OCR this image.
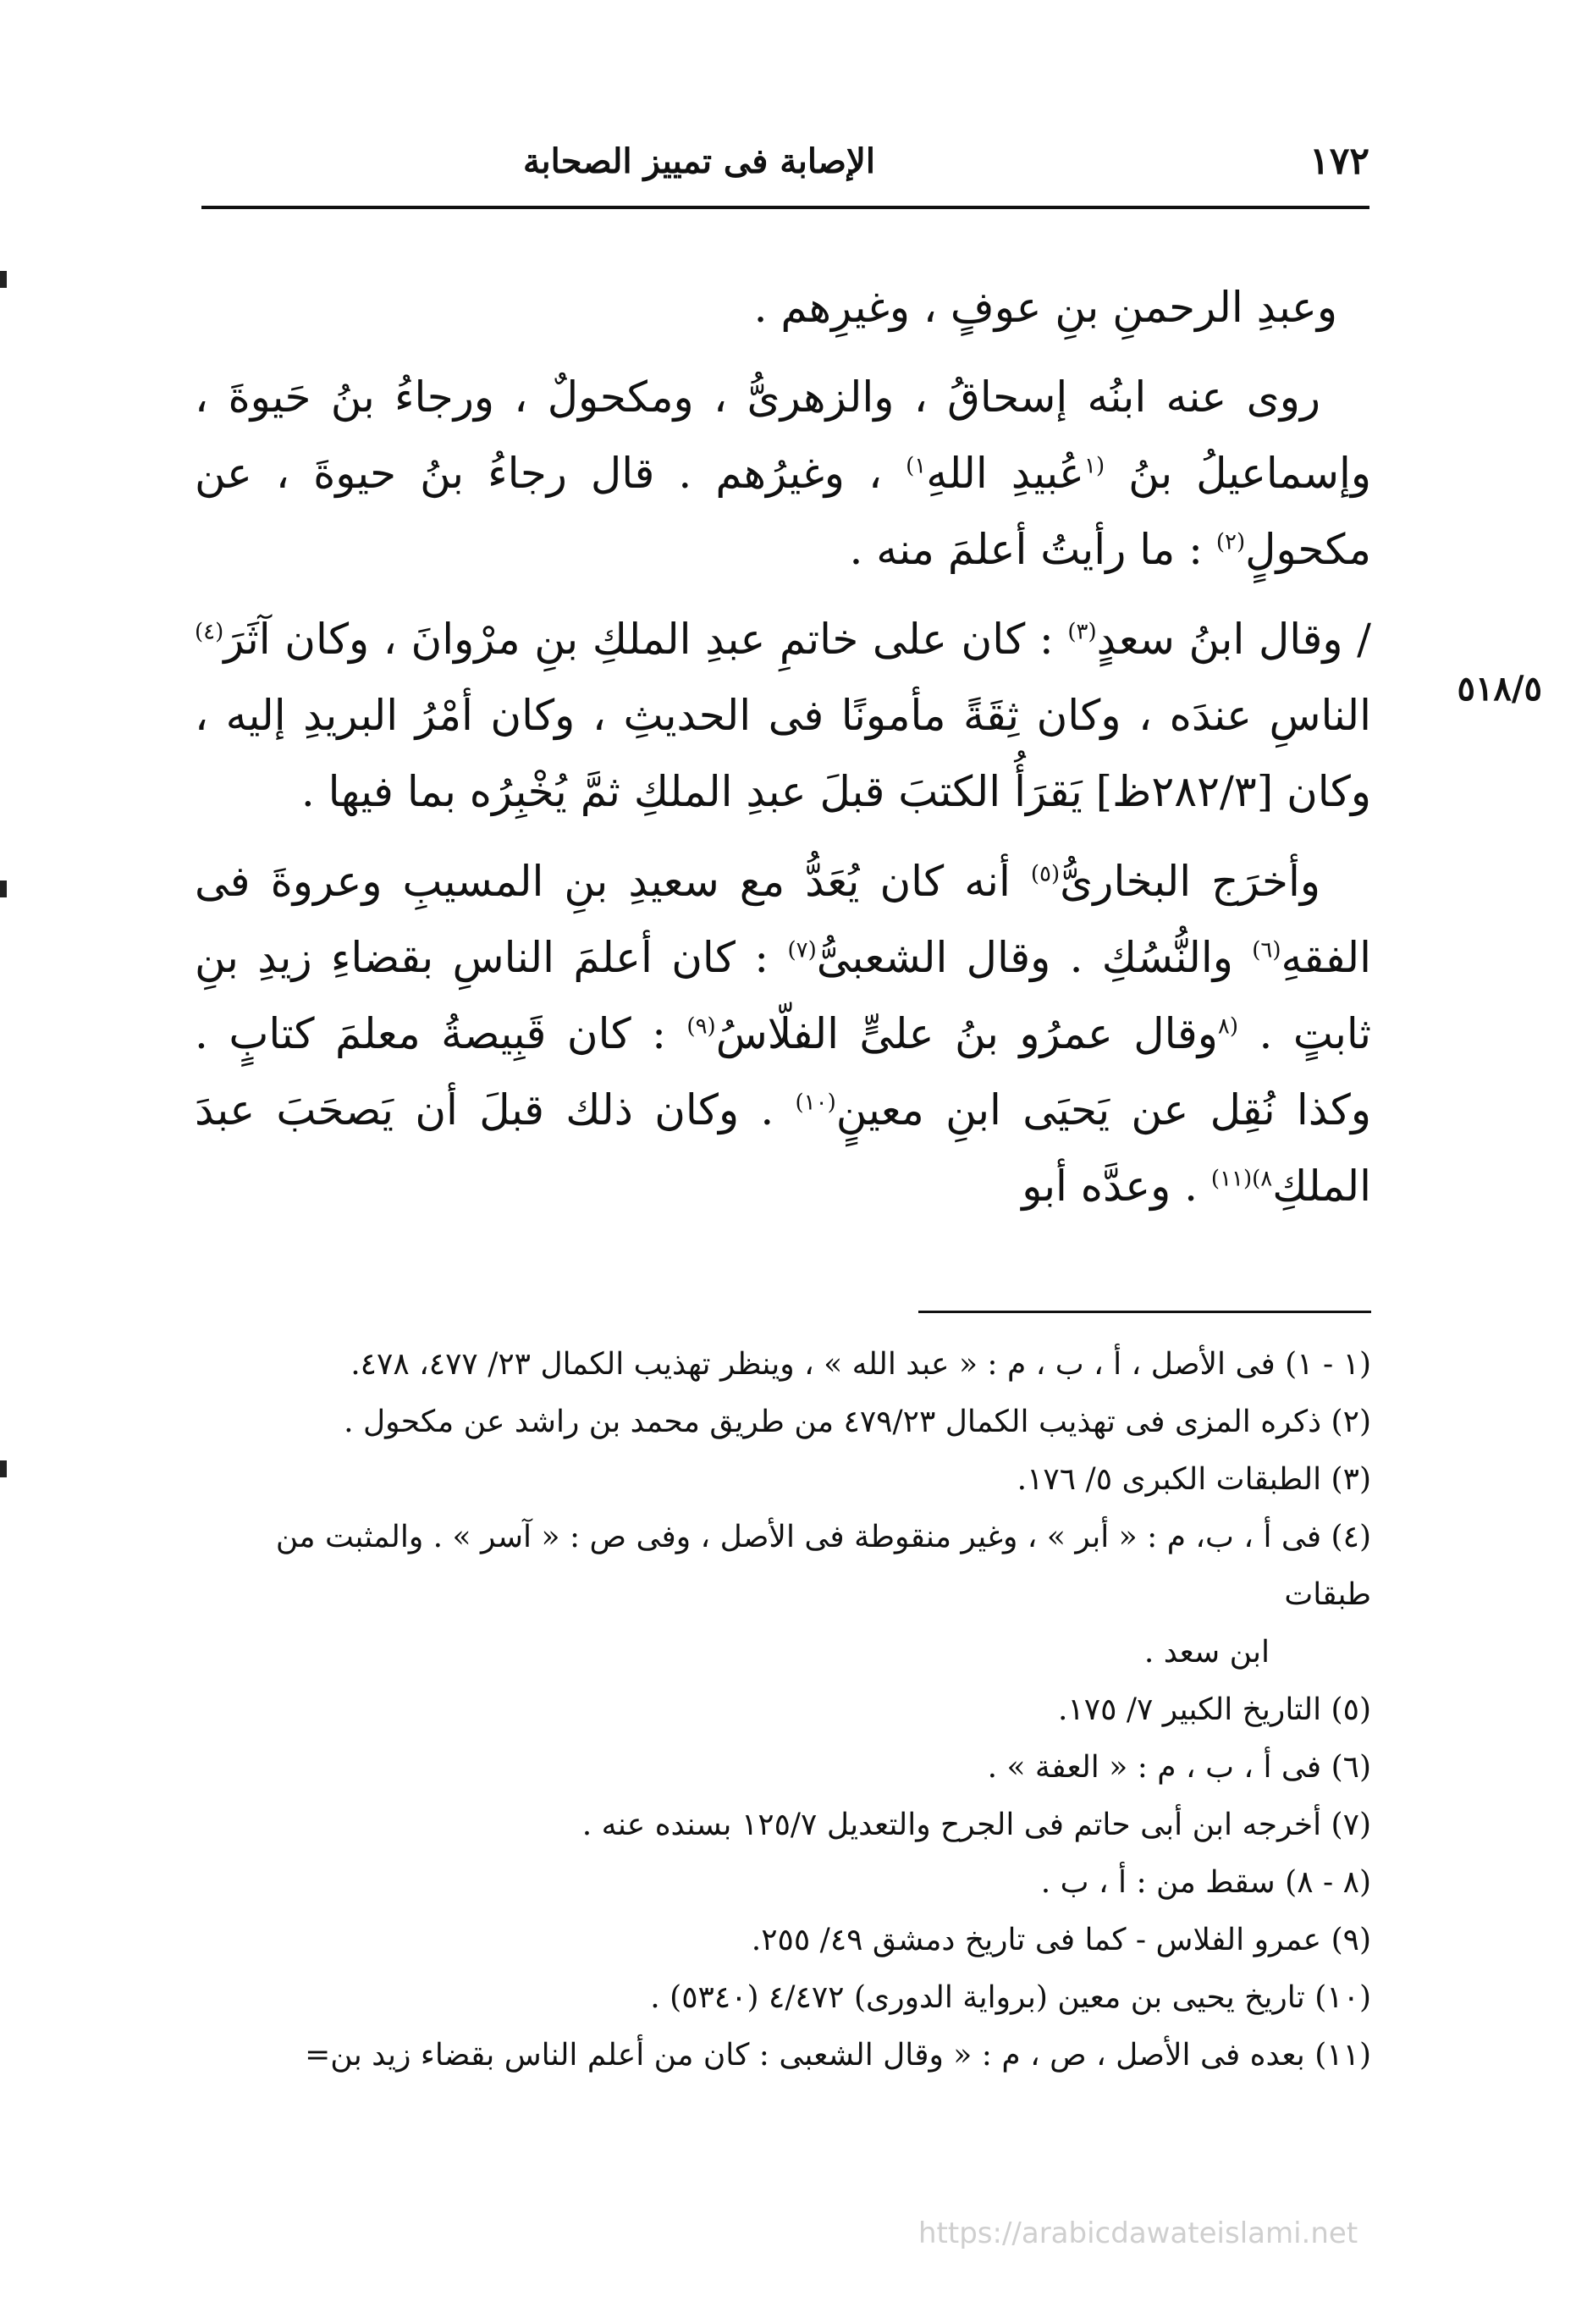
١٧٢
الإصابة فى تمييز الصحابة
٥١٨/٥

وعبدِ الرحمنِ بنِ عوفٍ ، وغيرِهم .

روى عنه ابنُه إسحاقُ ، والزهرىُّ ، ومكحولٌ ، ورجاءُ بنُ حَيوةَ ، وإسماعيلُ بنُ $^{(١}$عُبيدِ اللهِ$^{١)}$ ، وغيرُهم . قال رجاءُ بنُ حيوةَ ، عن مكحولٍ$^{(٢)}$ : ما رأيتُ أعلمَ منه .

/ وقال ابنُ سعدٍ$^{(٣)}$ : كان على خاتمِ عبدِ الملكِ بنِ مرْوانَ ، وكان آثَرَ$^{(٤)}$ الناسِ عندَه ، وكان ثِقَةً مأمونًا فى الحديثِ ، وكان أمْرُ البريدِ إليه ، وكان [٢٨٢/٣ظ] يَقرَأُ الكتبَ قبلَ عبدِ الملكِ ثمَّ يُخْبِرُه بما فيها .

وأخرَج البخارىُّ$^{(٥)}$ أنه كان يُعَدُّ مع سعيدِ بنِ المسيبِ وعروةَ فى الفقهِ$^{(٦)}$ والنُّسُكِ . وقال الشعبىُّ$^{(٧)}$ : كان أعلمَ الناسِ بقضاءِ زيدِ بنِ ثابتٍ . $^{(٨}$وقال عمرُو بنُ علىٍّ الفلّاسُ$^{(٩)}$ : كان قَبِيصةُ معلمَ كتابٍ . وكذا نُقِل عن يَحيَى ابنِ معينٍ$^{(١٠)}$ . وكان ذلك قبلَ أن يَصحَبَ عبدَ الملكِ$^{٨)(١١)}$ . وعدَّه أبو

(١ - ١) فى الأصل ، أ ، ب ، م : « عبد الله » ، وينظر تهذيب الكمال ٢٣/ ٤٧٧، ٤٧٨.

(٢) ذكره المزى فى تهذيب الكمال ٤٧٩/٢٣ من طريق محمد بن راشد عن مكحول .

(٣) الطبقات الكبرى ٥/ ١٧٦.

(٤) فى أ ، ب، م : « أبر » ، وغير منقوطة فى الأصل ، وفى ص : « آسر » . والمثبت من طبقات

ابن سعد .

(٥) التاريخ الكبير ٧/ ١٧٥.

(٦) فى أ ، ب ، م : « العفة » .

(٧) أخرجه ابن أبى حاتم فى الجرح والتعديل ١٢٥/٧ بسنده عنه .

(٨ - ٨) سقط من : أ ، ب .

(٩) عمرو الفلاس - كما فى تاريخ دمشق ٤٩/ ٢٥٥.

(١٠) تاريخ يحيى بن معين (برواية الدورى) ٤/٤٧٢ (٥٣٤٠) .

(١١) بعده فى الأصل ، ص ، م : « وقال الشعبى : كان من أعلم الناس بقضاء زيد بن=

https://arabicdawateislami.net
